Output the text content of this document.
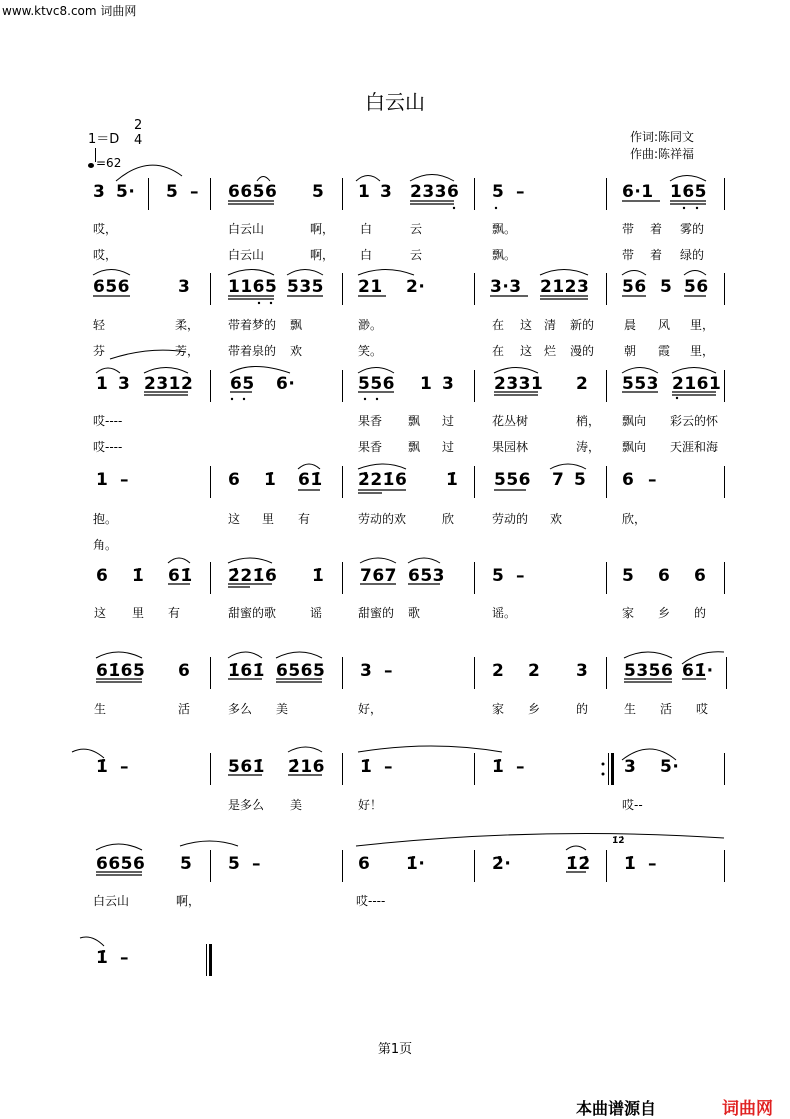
www.ktvc8.com 词曲网
白云山
1＝D
2
4
=62
作词:陈同文
作曲:陈祥福
3 5· 5 – 6656 5 1 3 2336 5 –	6·1 165
哎，	白云山	啊， 白	云	飘。	带 着 雾的
哎，	白云山	啊， 白	云	飘。	带 着 绿的
656	3 1165 535 21 2·	3·3 2123 56 5 56
轻	柔， 带着梦的 飘	渺。	在 这 清 新的 晨 风 里，
芬	芳， 带着泉的 欢	笑。	在 这 烂 漫的 朝 霞 里，
1 3 2312 65 6·	556 1 3 2331 2 553 2161
哎----	果香 飘 过	花丛树	梢， 飘向 彩云的怀
哎----	果香 飘 过	果园林	涛， 飘向 天涯和海
1 –	6 1̇ 61̇ 2̇21̇6 1̇ 556 7 5 6 –
抱。	这 里 有	劳动的欢	欣	劳动的 欢	欣，
角。
6 1̇ 61̇ 2̇21̇6 1̇ 767 653	5 –	5 6 6
这 里 有	甜蜜的歌	谣	甜蜜的 歌	谣。	家 乡 的
61̇65 6 1̇61̇ 6565 3 –	2 2 3 5356 61̇·
生	活	多么 美	好，	家 乡	的	生 活 哎
1̇ –	561̇ 2̇16 1̇ –	1̇ –	3 5·
是多么 美	好！	哎--
6656 5 5 –	6 1̇·	2̇·	1̇2̇
1̇2̇
1̇ –
白云山	啊，	哎----
1̇ –
第1页
本曲谱源自	词曲网
